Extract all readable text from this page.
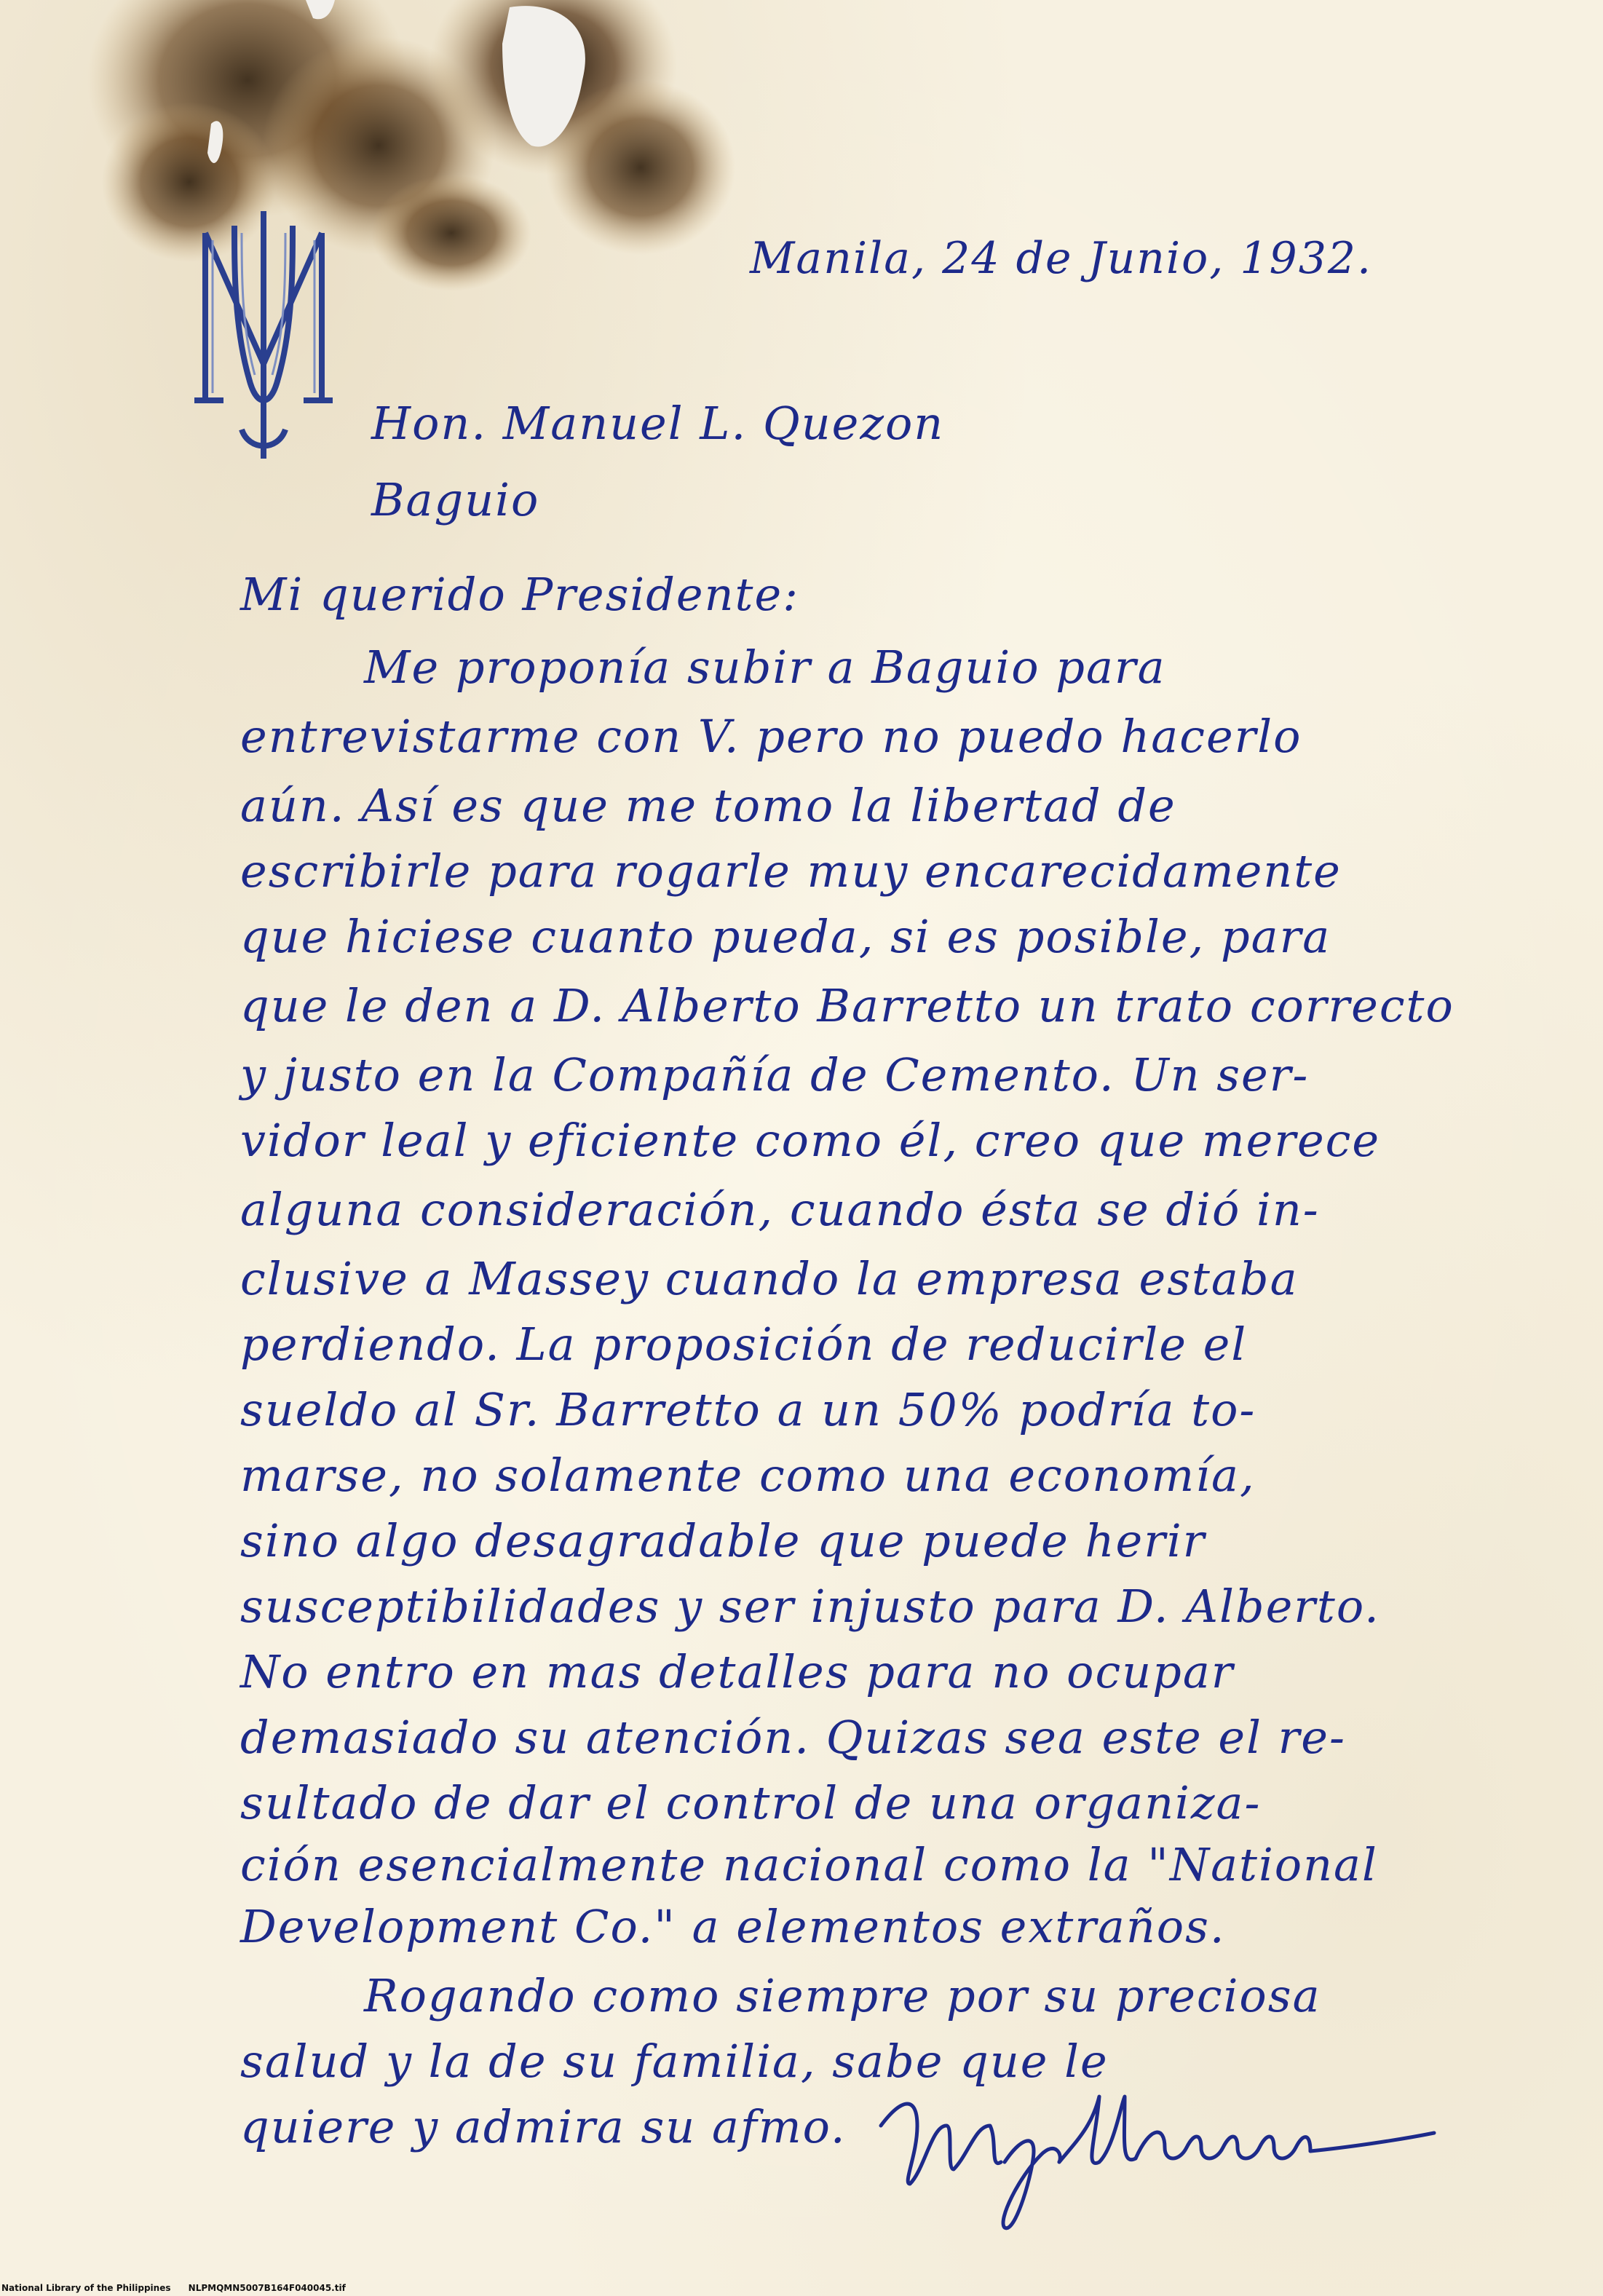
Manila, 24 de Junio, 1932.

Hon. Manuel L. Quezon

Baguio

Mi querido Presidente:

Me proponía subir a Baguio para

entrevistarme con V. pero no puedo hacerlo

aún. Así es que me tomo la libertad de

escribirle para rogarle muy encarecidamente

que hiciese cuanto pueda, si es posible, para

que le den a D. Alberto Barretto un trato correcto

y justo en la Compañía de Cemento. Un ser-

vidor leal y eficiente como él, creo que merece

alguna consideración, cuando ésta se dió in-

clusive a Massey cuando la empresa estaba

perdiendo. La proposición de reducirle el

sueldo al Sr. Barretto a un 50% podría to-

marse, no solamente como una economía,

sino algo desagradable que puede herir

susceptibilidades y ser injusto para D. Alberto.

No entro en mas detalles para no ocupar

demasiado su atención. Quizas sea este el re-

sultado de dar el control de una organiza-

ción esencialmente nacional como la "National

Development Co." a elementos extraños.

Rogando como siempre por su preciosa

salud y la de su familia, sabe que le

quiere y admira su afmo.

National Library of the Philippines NLPMQMN5007B164F040045.tif
